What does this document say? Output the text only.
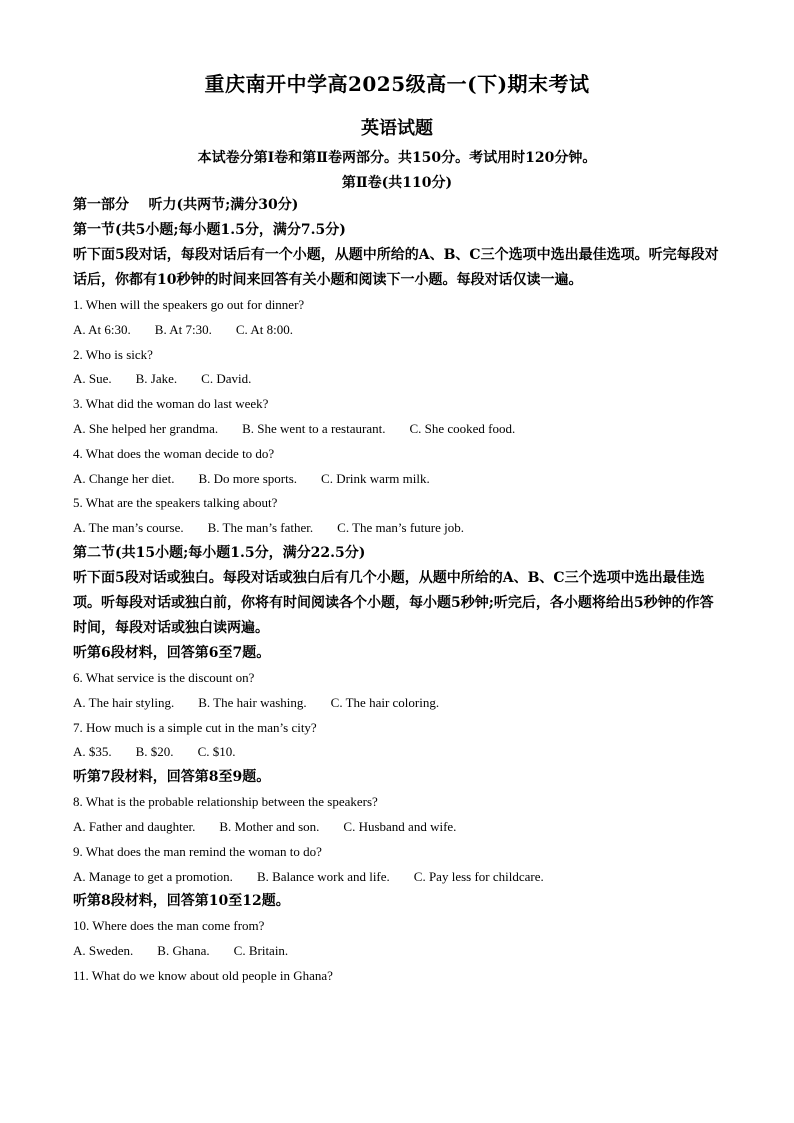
重庆南开中学高2025级高一(下)期末考试
英语试题
本试卷分第Ⅰ卷和第Ⅱ卷两部分。共150分。考试用时120分钟。
第Ⅱ卷(共110分)
第一部分    听力(共两节;满分30分)
第一节(共5小题;每小题1.5分，满分7.5分)
听下面5段对话，每段对话后有一个小题，从题中所给的A、B、C三个选项中选出最佳选项。听完每段对话后，你都有10秒钟的时间来回答有关小题和阅读下一小题。每段对话仅读一遍。
1. When will the speakers go out for dinner?
A. At 6:30. B. At 7:30. C. At 8:00.
2. Who is sick?
A. Sue. B. Jake. C. David.
3. What did the woman do last week?
A. She helped her grandma. B. She went to a restaurant. C. She cooked food.
4. What does the woman decide to do?
A. Change her diet. B. Do more sports. C. Drink warm milk.
5. What are the speakers talking about?
A. The man’s course. B. The man’s father. C. The man’s future job.
第二节(共15小题;每小题1.5分，满分22.5分)
听下面5段对话或独白。每段对话或独白后有几个小题，从题中所给的A、B、C三个选项中选出最佳选项。听每段对话或独白前，你将有时间阅读各个小题，每小题5秒钟;听完后，各小题将给出5秒钟的作答时间，每段对话或独白读两遍。
听第6段材料，回答第6至7题。
6. What service is the discount on?
A. The hair styling. B. The hair washing. C. The hair coloring.
7. How much is a simple cut in the man’s city?
A. $35. B. $20. C. $10.
听第7段材料，回答第8至9题。
8. What is the probable relationship between the speakers?
A. Father and daughter. B. Mother and son. C. Husband and wife.
9. What does the man remind the woman to do?
A. Manage to get a promotion. B. Balance work and life. C. Pay less for childcare.
听第8段材料，回答第10至12题。
10. Where does the man come from?
A. Sweden. B. Ghana. C. Britain.
11. What do we know about old people in Ghana?
